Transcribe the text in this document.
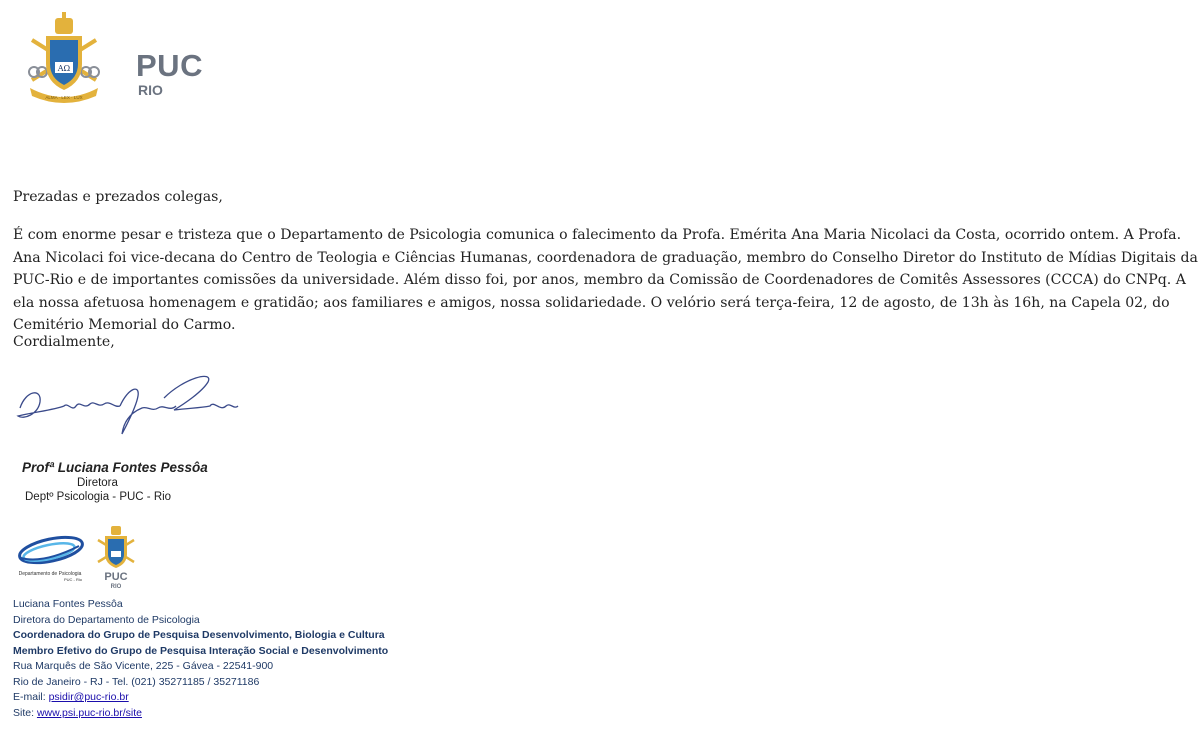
AΩ
ALMA · LEX · LUX
PUC
RIO
Prezadas e prezados colegas,
É com enorme pesar e tristeza que o Departamento de Psicologia comunica o falecimento da Profa. Emérita Ana Maria Nicolaci da Costa, ocorrido ontem. A Profa. Ana Nicolaci foi vice-decana do Centro de Teologia e Ciências Humanas, coordenadora de graduação, membro do Conselho Diretor do Instituto de Mídias Digitais da PUC-Rio e de importantes comissões da universidade. Além disso foi, por anos, membro da Comissão de Coordenadores de Comitês Assessores (CCCA) do CNPq. A ela nossa afetuosa homenagem e gratidão; aos familiares e amigos, nossa solidariedade. O velório será terça-feira, 12 de agosto, de 13h às 16h, na Capela 02, do Cemitério Memorial do Carmo.
Cordialmente,
Profª Luciana Fontes Pessôa
Diretora
Deptº Psicologia - PUC - Rio
Departamento de Psicologia
PUC - Rio PUC
RIO
Luciana Fontes Pessôa
Diretora do Departamento de Psicologia
Coordenadora do Grupo de Pesquisa Desenvolvimento, Biologia e Cultura
Membro Efetivo do Grupo de Pesquisa Interação Social e Desenvolvimento
Rua Marquês de São Vicente, 225 - Gávea - 22541-900
Rio de Janeiro - RJ - Tel. (021) 35271185 / 35271186
E-mail: psidir@puc-rio.br
Site: www.psi.puc-rio.br/site
